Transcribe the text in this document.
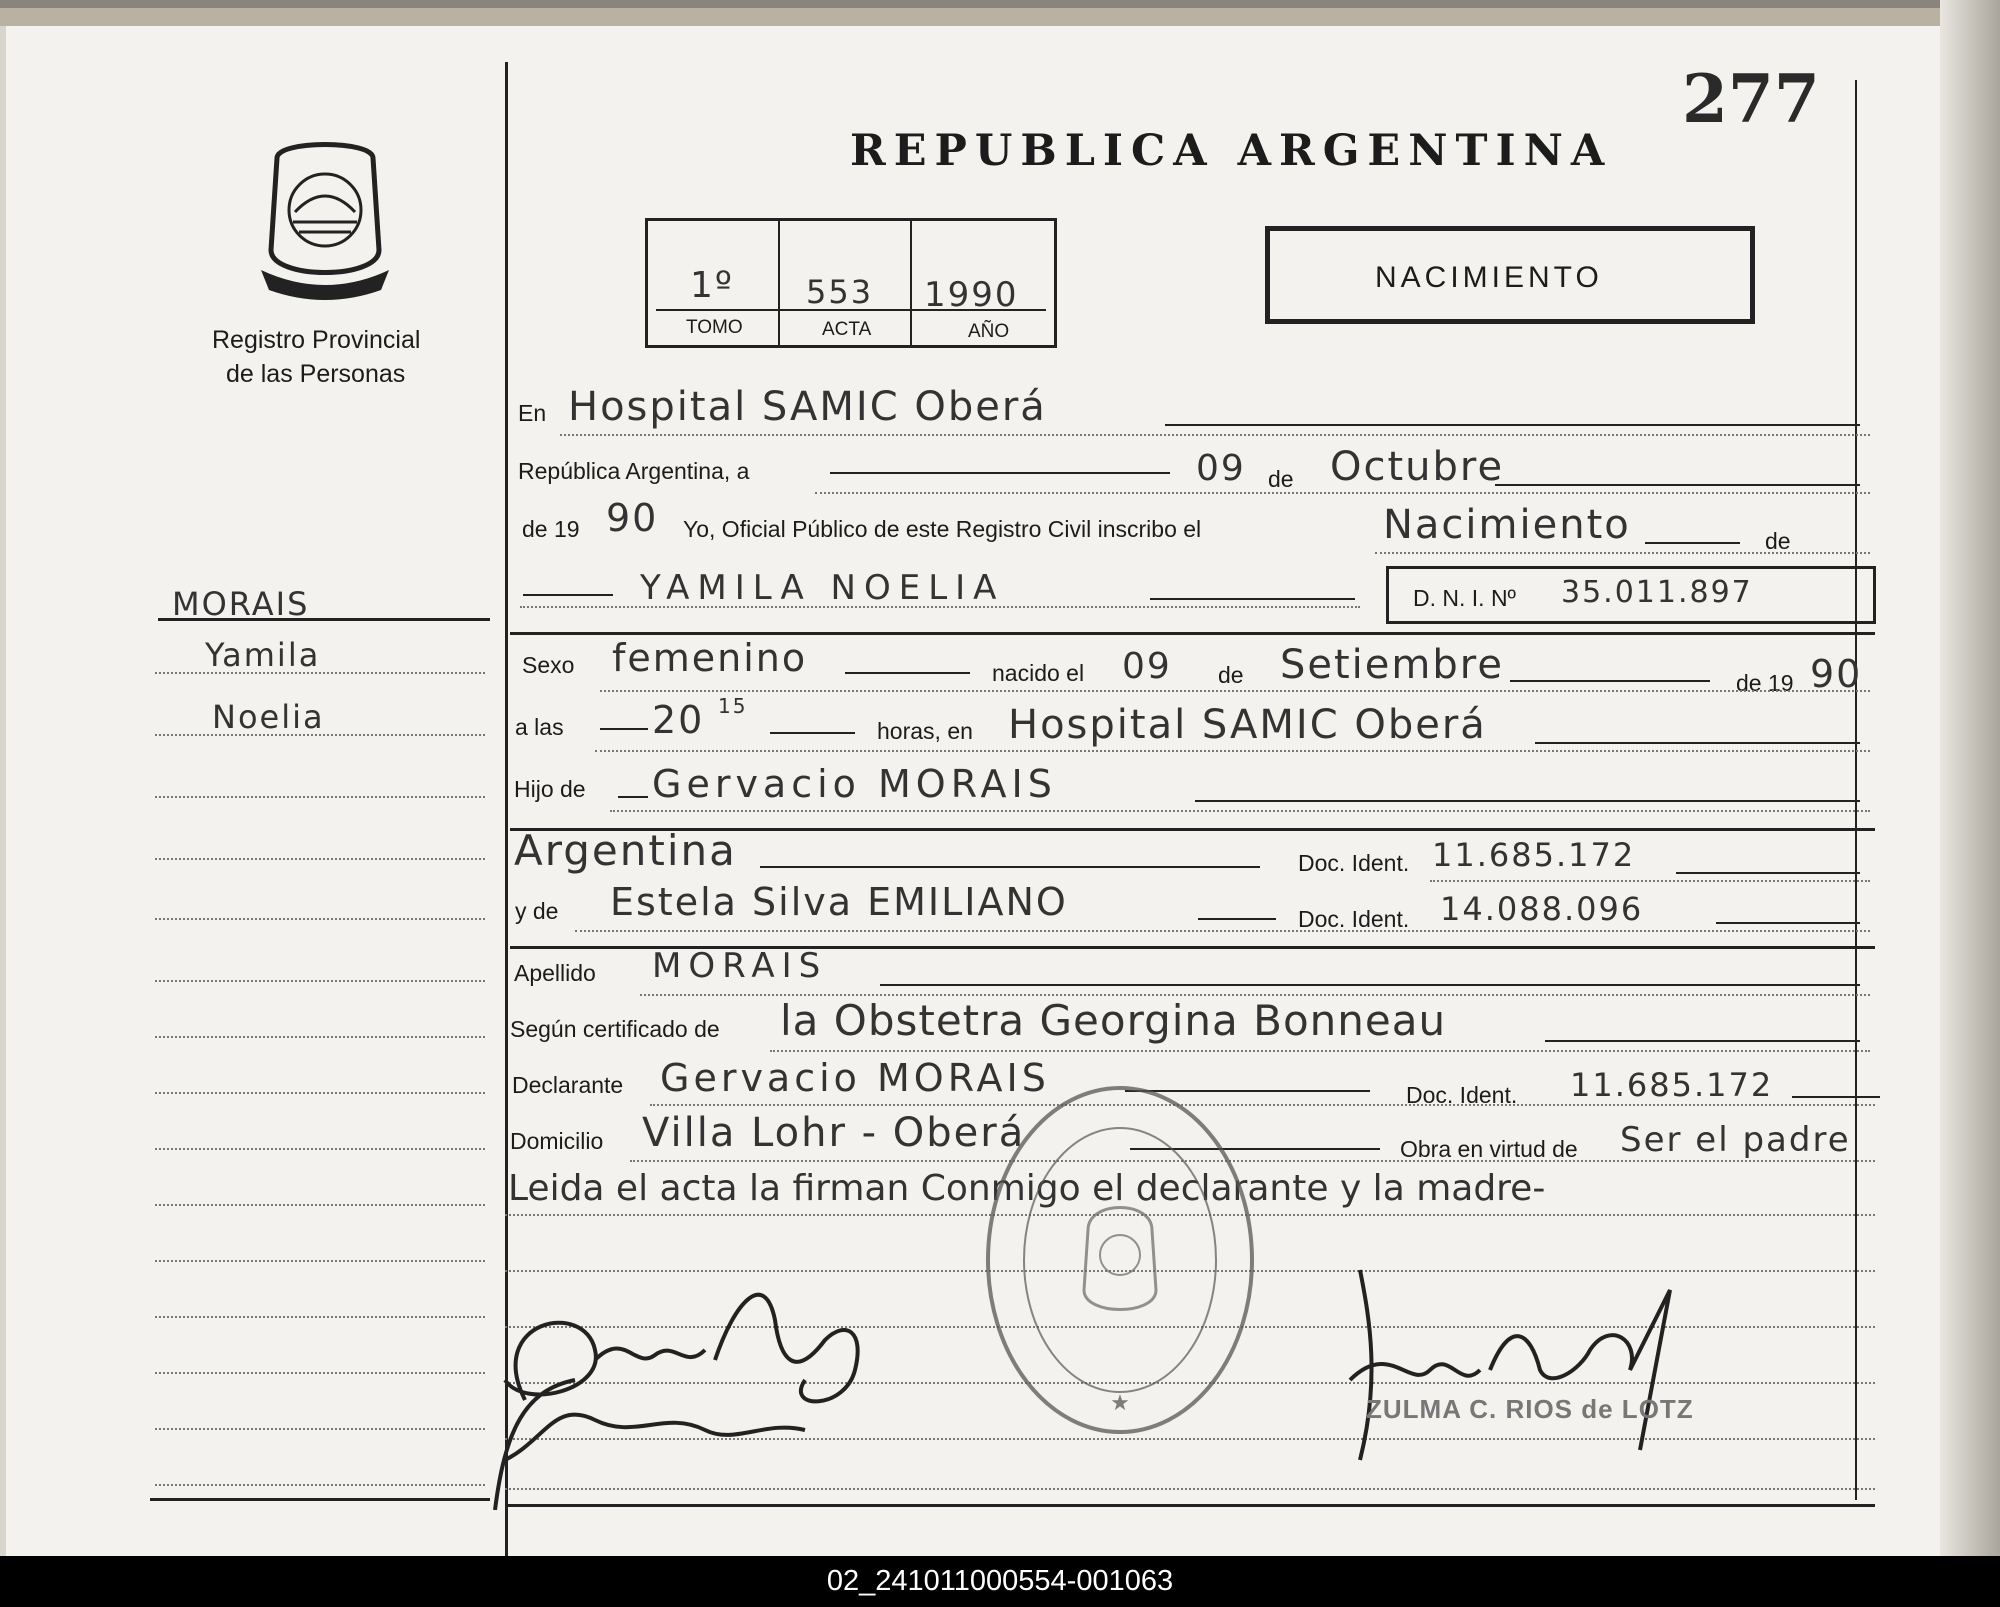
Registro Provincial
de las Personas
MORAIS
Yamila
Noelia
277
REPUBLICA ARGENTINA
1º 553 1990
TOMO	ACTA	AÑO
NACIMIENTO
En Hospital SAMIC Oberá
República Argentina, a	09 de Octubre
de 19 90 Yo, Oficial Público de este Registro Civil inscribo el	Nacimiento	de
YAMILA NOELIA	D. N. I. Nº 35.011.897
Sexo femenino	nacido el 09 de Setiembre	de 19 90
a las 20 15
horas, en Hospital SAMIC Oberá
Hijo de Gervacio MORAIS
Argentina	Doc. Ident. 11.685.172
y de Estela Silva EMILIANO	Doc. Ident. 14.088.096
Apellido MORAIS
Según certificado de la Obstetra Georgina Bonneau
Declarante Gervacio MORAIS	Doc. Ident. 11.685.172
Domicilio Villa Lohr - Oberá	Obra en virtud de Ser el padre
Leida el acta la firman Conmigo el declarante y la madre-
★	ZULMA C. RIOS de LOTZ
02_241011000554-001063
